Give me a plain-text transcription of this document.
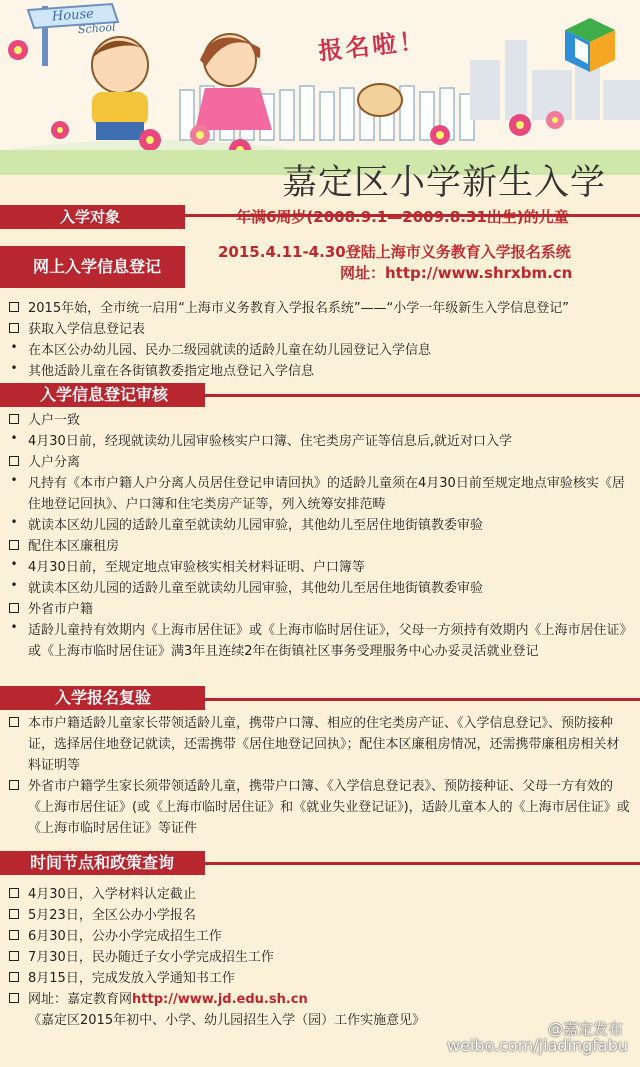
House
School	报名啦！
嘉定区小学新生入学
入学对象	年满6周岁(2008.9.1—2009.8.31出生)的儿童
网上入学信息登记
2015.4.11-4.30登陆上海市义务教育入学报名系统
网址：http://www.shrxbm.cn
2015年始，全市统一启用“上海市义务教育入学报名系统”——“小学一年级新生入学信息登记”
获取入学信息登记表
•
在本区公办幼儿园、民办二级园就读的适龄儿童在幼儿园登记入学信息
•
其他适龄儿童在各街镇教委指定地点登记入学信息
入学信息登记审核
人户一致
•
4月30日前，经现就读幼儿园审验核实户口簿、住宅类房产证等信息后,就近对口入学
人户分离
•
凡持有《本市户籍人户分离人员居住登记申请回执》的适龄儿童须在4月30日前至规定地点审验核实《居住地登记回执》、户口簿和住宅类房产证等，列入统筹安排范畴
•
就读本区幼儿园的适龄儿童至就读幼儿园审验，其他幼儿至居住地街镇教委审验
配住本区廉租房
•
4月30日前，至规定地点审验核实相关材料证明、户口簿等
•
就读本区幼儿园的适龄儿童至就读幼儿园审验，其他幼儿至居住地街镇教委审验
外省市户籍
•
适龄儿童持有效期内《上海市居住证》或《上海市临时居住证》，父母一方须持有效期内《上海市居住证》或《上海市临时居住证》满3年且连续2年在街镇社区事务受理服务中心办妥灵活就业登记
入学报名复验
本市户籍适龄儿童家长带领适龄儿童，携带户口簿、相应的住宅类房产证、《入学信息登记》、预防接种证，选择居住地登记就读，还需携带《居住地登记回执》；配住本区廉租房情况，还需携带廉租房相关材料证明等
外省市户籍学生家长须带领适龄儿童，携带户口簿、《入学信息登记表》、预防接种证、父母一方有效的《上海市居住证》(或《上海市临时居住证》和《就业失业登记证》)，适龄儿童本人的《上海市居住证》或《上海市临时居住证》等证件
时间节点和政策查询
4月30日，入学材料认定截止
5月23日，全区公办小学报名
6月30日，公办小学完成招生工作
7月30日，民办随迁子女小学完成招生工作
8月15日，完成发放入学通知书工作
网址：嘉定教育网http://www.jd.edu.sh.cn
《嘉定区2015年初中、小学、幼儿园招生入学（园）工作实施意见》	@嘉定发布
weibo.com/jiadingfabu
